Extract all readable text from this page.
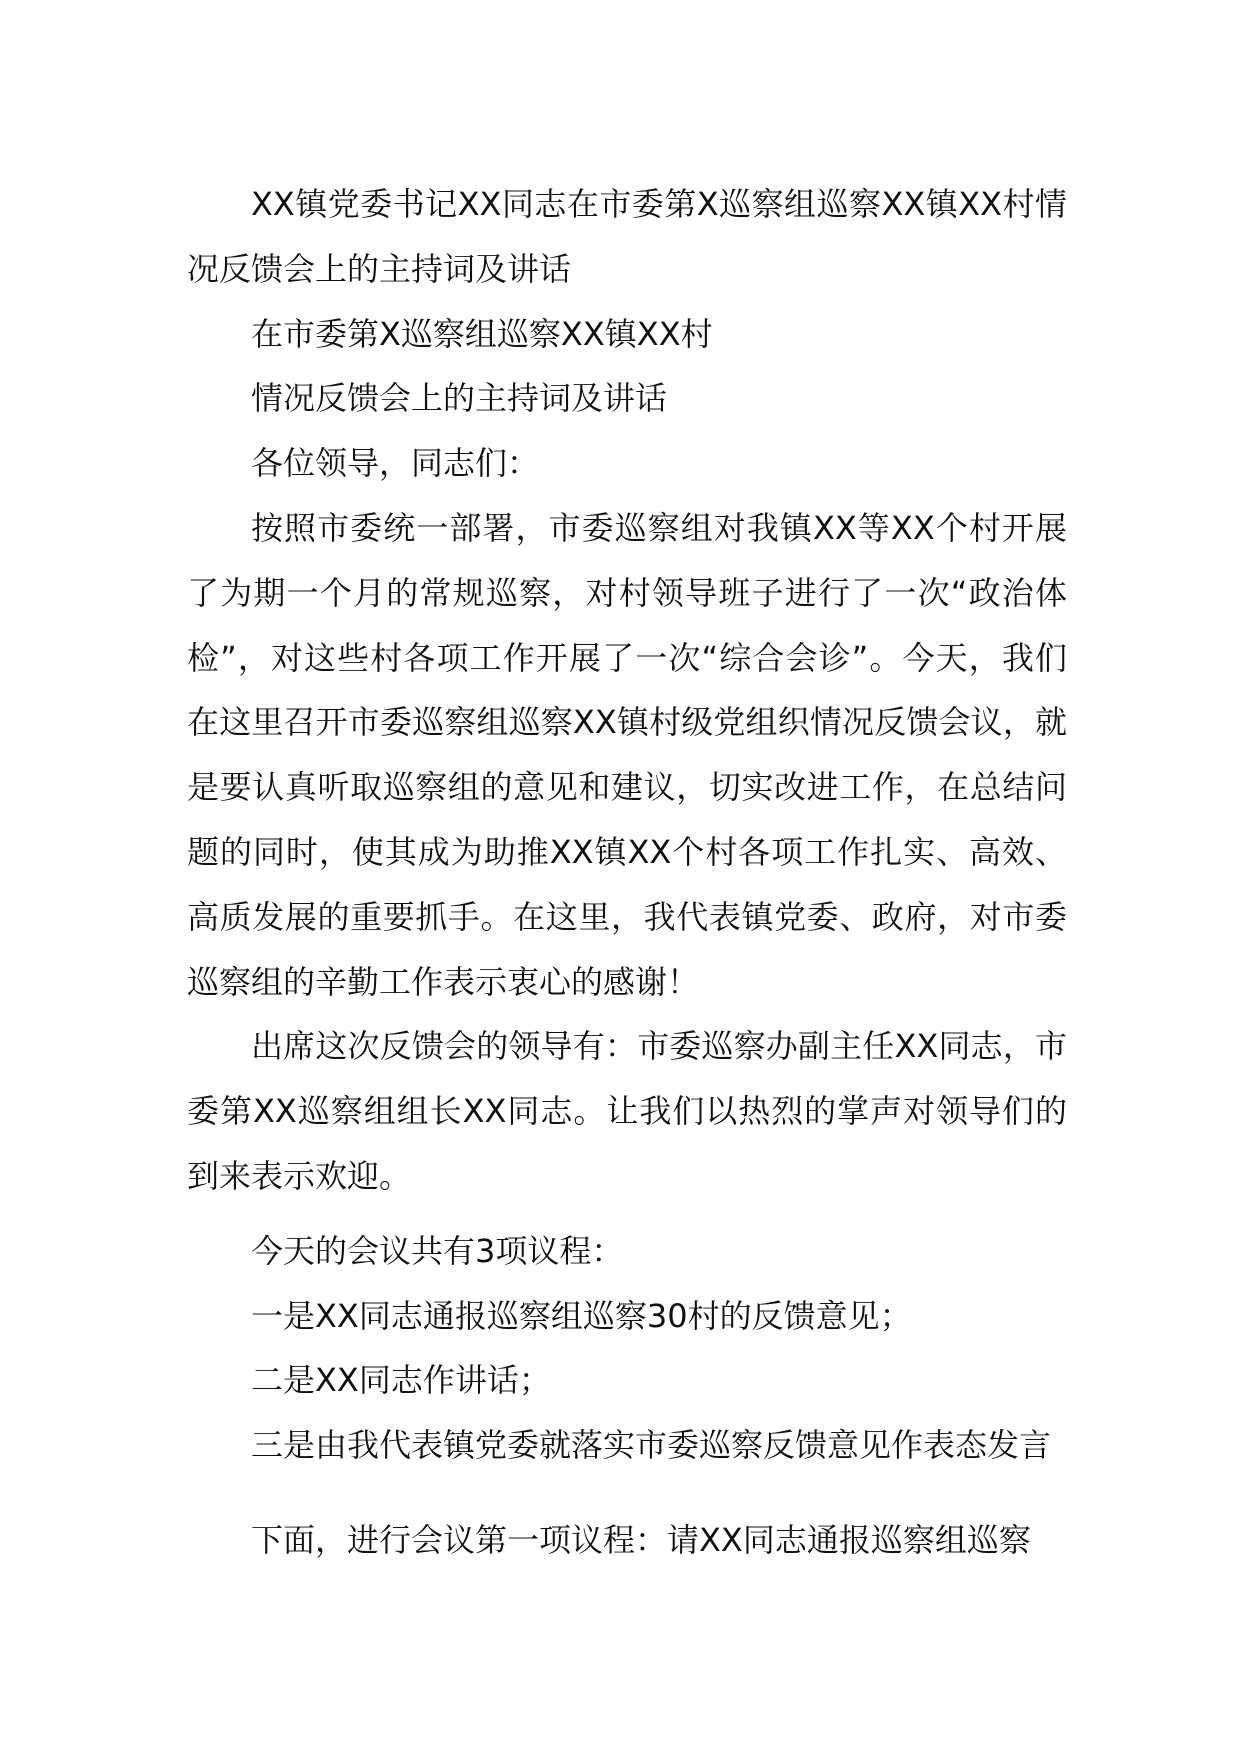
XX镇党委书记XX同志在市委第X巡察组巡察XX镇XX村情况反馈会上的主持词及讲话

在市委第X巡察组巡察XX镇XX村

情况反馈会上的主持词及讲话

各位领导，同志们：

按照市委统一部署，市委巡察组对我镇XX等XX个村开展了为期一个月的常规巡察，对村领导班子进行了一次“政治体检”，对这些村各项工作开展了一次“综合会诊”。今天，我们在这里召开市委巡察组巡察XX镇村级党组织情况反馈会议，就是要认真听取巡察组的意见和建议，切实改进工作，在总结问题的同时，使其成为助推XX镇XX个村各项工作扎实、高效、高质发展的重要抓手。在这里，我代表镇党委、政府，对市委巡察组的辛勤工作表示衷心的感谢！

出席这次反馈会的领导有：市委巡察办副主任XX同志，市委第XX巡察组组长XX同志。让我们以热烈的掌声对领导们的到来表示欢迎。

今天的会议共有3项议程：

一是XX同志通报巡察组巡察30村的反馈意见；

二是XX同志作讲话；

三是由我代表镇党委就落实市委巡察反馈意见作表态发言

下面，进行会议第一项议程：请XX同志通报巡察组巡察
